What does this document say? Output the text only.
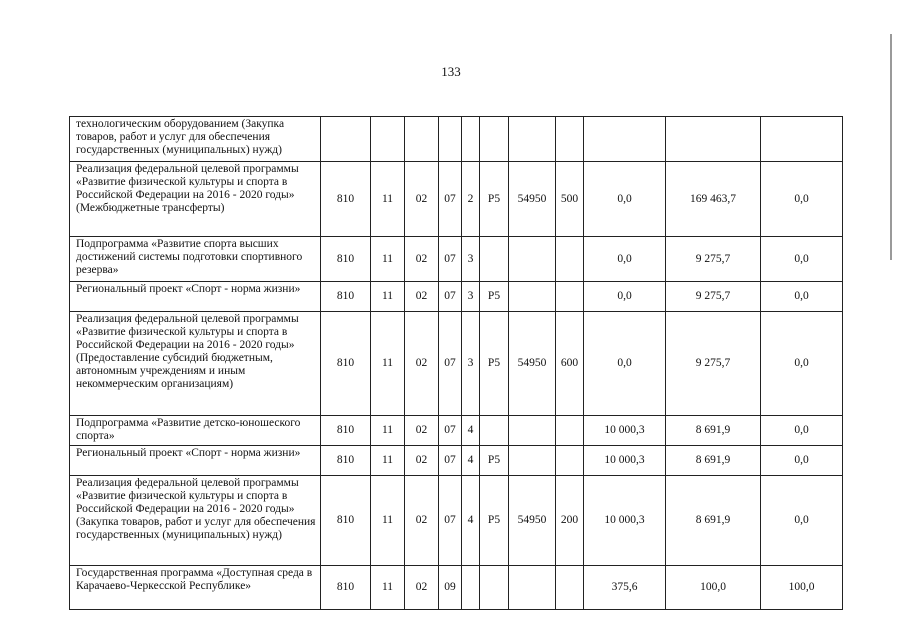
133
технологическим оборудованием (Закупка товаров, работ и услуг для обеспечения государственных (муниципальных) нужд)											
Реализация федеральной целевой программы «Развитие физической культуры и спорта в Российской Федерации на 2016 - 2020 годы» (Межбюджетные трансферты)	810	11	02	07	2	P5	54950	500	0,0	169 463,7	0,0
Подпрограмма «Развитие спорта высших достижений системы подготовки спортивного резерва»	810	11	02	07	3				0,0	9 275,7	0,0
Региональный проект «Спорт - норма жизни»	810	11	02	07	3	P5			0,0	9 275,7	0,0
Реализация федеральной целевой программы «Развитие физической культуры и спорта в Российской Федерации на 2016 - 2020 годы» (Предоставление субсидий бюджетным, автономным учреждениям и иным некоммерческим организациям)	810	11	02	07	3	P5	54950	600	0,0	9 275,7	0,0
Подпрограмма «Развитие детско-юношеского спорта»	810	11	02	07	4				10 000,3	8 691,9	0,0
Региональный проект «Спорт - норма жизни»	810	11	02	07	4	P5			10 000,3	8 691,9	0,0
Реализация федеральной целевой программы «Развитие физической культуры и спорта в Российской Федерации на 2016 - 2020 годы» (Закупка товаров, работ и услуг для обеспечения государственных (муниципальных) нужд)	810	11	02	07	4	P5	54950	200	10 000,3	8 691,9	0,0
Государственная программа «Доступная среда в Карачаево-Черкесской Республике»	810	11	02	09					375,6	100,0	100,0
